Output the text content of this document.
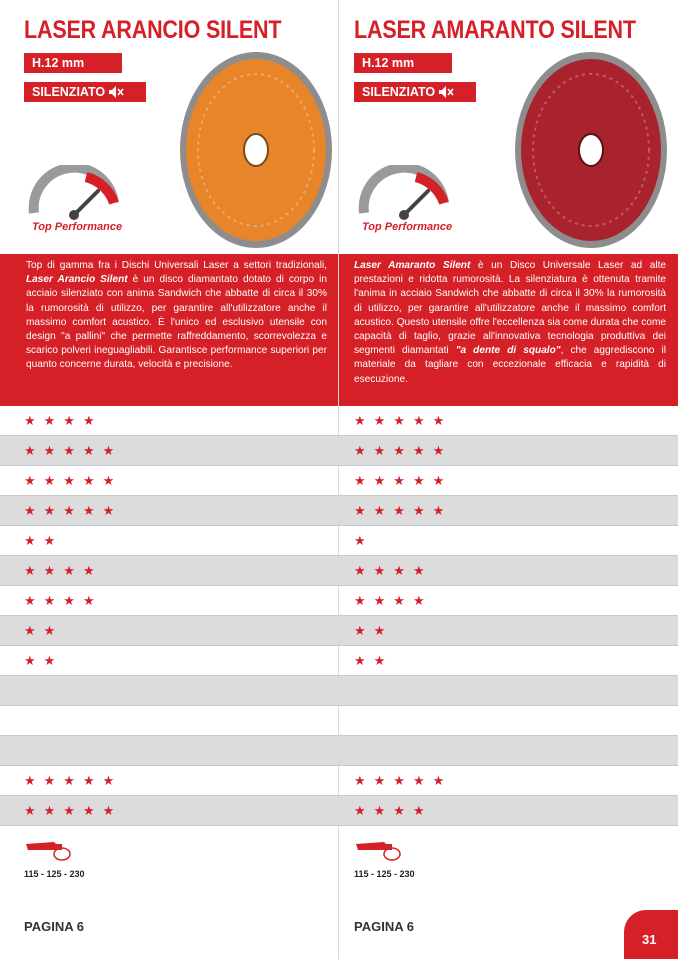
LASER ARANCIO SILENT
H.12 mm
SILENZIATO
Top Performance
Top di gamma fra i Dischi Universali Laser a settori tradizionali, Laser Arancio Silent è un disco diamantato dotato di corpo in acciaio silenziato con anima Sandwich che abbatte di circa il 30% la rumorosità di utilizzo, per garantire all'utilizzatore anche il massimo comfort acustico. È l'unico ed esclusivo utensile con design "a pallini" che permette raffreddamento, scorrevolezza e scarico polveri ineguagliabili. Garantisce performance superiori per quanto concerne durata, velocità e precisione.
★★★★
★★★★★
★★★★★
★★★★★
★★
★★★★
★★★★
★★
★★
★★★★★
★★★★★
115 - 125 - 230
PAGINA 6
LASER AMARANTO SILENT
H.12 mm
SILENZIATO
Top Performance
Laser Amaranto Silent è un Disco Universale Laser ad alte prestazioni e ridotta rumorosità. La silenziatura è ottenuta tramite l'anima in acciaio Sandwich che abbatte di circa il 30% la rumorosità di utilizzo, per garantire all'utilizzatore anche il massimo comfort acustico. Questo utensile offre l'eccellenza sia come durata che come capacità di taglio, grazie all'innovativa tecnologia produttiva dei segmenti diamantati "a dente di squalo", che aggrediscono il materiale da tagliare con eccezionale efficacia e rapidità di esecuzione.
★★★★★
★★★★★
★★★★★
★★★★★
★
★★★★
★★★★
★★
★★
★★★★★
★★★★
115 - 125 - 230
PAGINA 6
31
